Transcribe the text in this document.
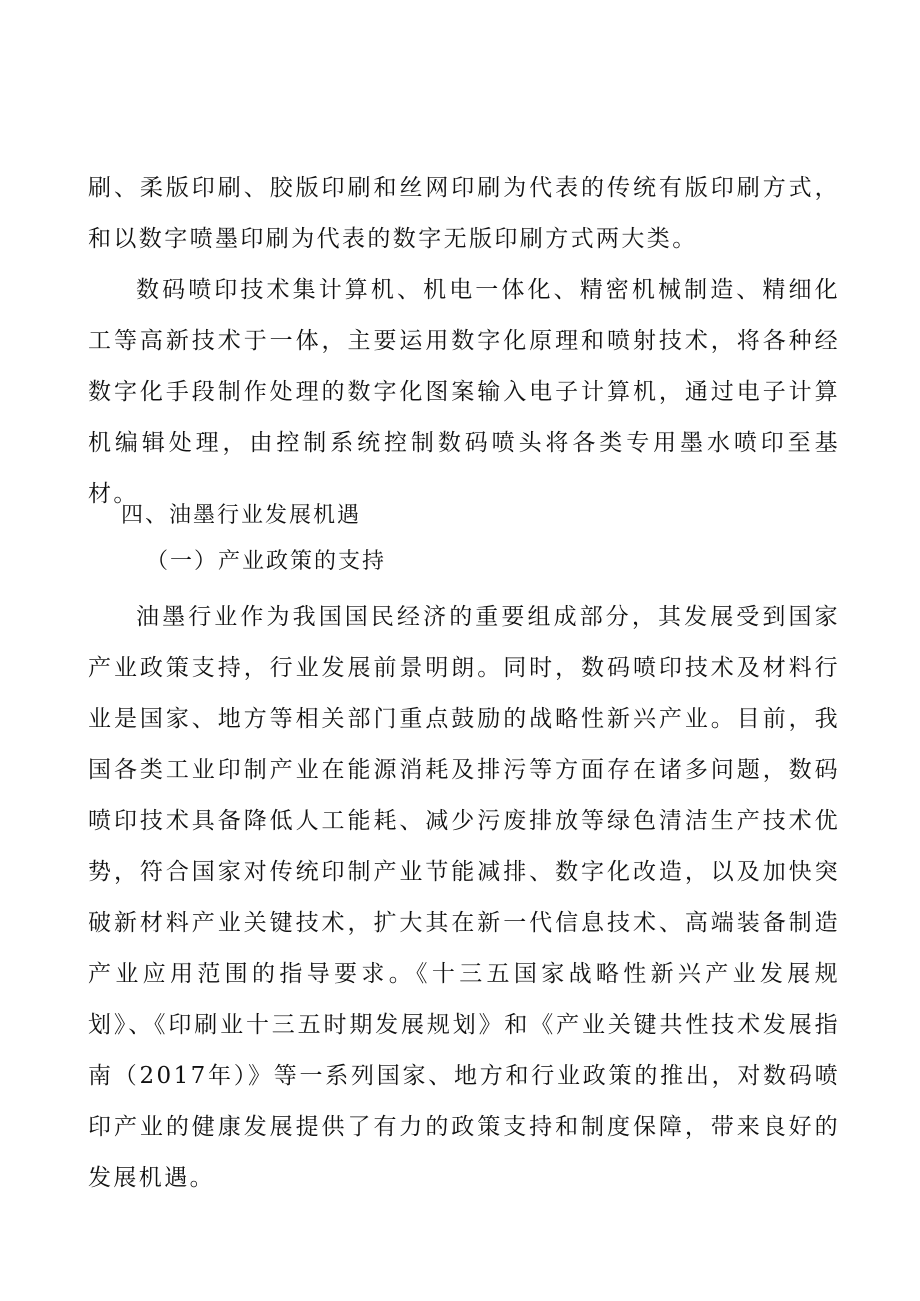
刷、柔版印刷、胶版印刷和丝网印刷为代表的传统有版印刷方式，和以数字喷墨印刷为代表的数字无版印刷方式两大类。

数码喷印技术集计算机、机电一体化、精密机械制造、精细化工等高新技术于一体，主要运用数字化原理和喷射技术，将各种经数字化手段制作处理的数字化图案输入电子计算机，通过电子计算机编辑处理，由控制系统控制数码喷头将各类专用墨水喷印至基材。

四、油墨行业发展机遇
（一）产业政策的支持

油墨行业作为我国国民经济的重要组成部分，其发展受到国家产业政策支持，行业发展前景明朗。同时，数码喷印技术及材料行业是国家、地方等相关部门重点鼓励的战略性新兴产业。目前，我国各类工业印制产业在能源消耗及排污等方面存在诸多问题，数码喷印技术具备降低人工能耗、减少污废排放等绿色清洁生产技术优势，符合国家对传统印制产业节能减排、数字化改造，以及加快突破新材料产业关键技术，扩大其在新一代信息技术、高端装备制造产业应用范围的指导要求。《十三五国家战略性新兴产业发展规划》、《印刷业十三五时期发展规划》和《产业关键共性技术发展指南（2017年）》等一系列国家、地方和行业政策的推出，对数码喷印产业的健康发展提供了有力的政策支持和制度保障，带来良好的发展机遇。
